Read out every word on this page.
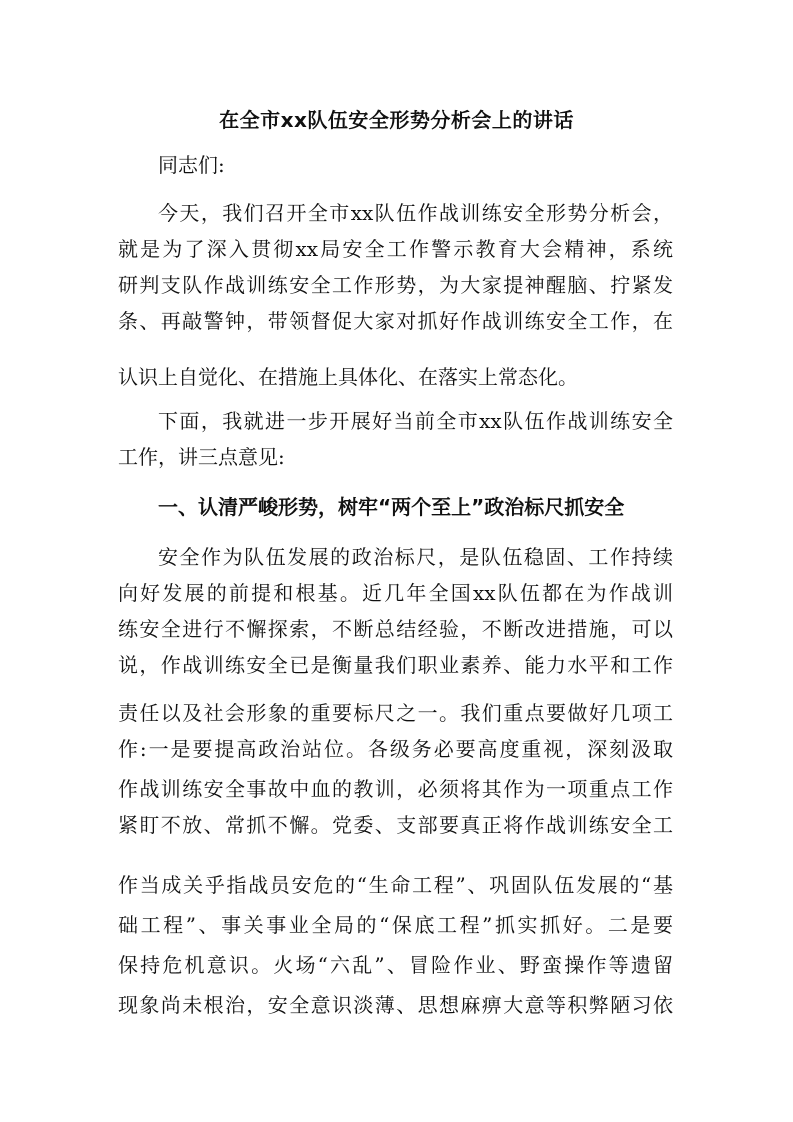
在全市xx队伍安全形势分析会上的讲话
同志们:
今天，我们召开全市xx队伍作战训练安全形势分析会，
就是为了深入贯彻xx局安全工作警示教育大会精神，系统
研判支队作战训练安全工作形势，为大家提神醒脑、拧紧发
条、再敲警钟，带领督促大家对抓好作战训练安全工作，在
认识上自觉化、在措施上具体化、在落实上常态化。
下面，我就进一步开展好当前全市xx队伍作战训练安全
工作，讲三点意见:
一、认清严峻形势，树牢“两个至上”政治标尺抓安全
安全作为队伍发展的政治标尺，是队伍稳固、工作持续
向好发展的前提和根基。近几年全国xx队伍都在为作战训
练安全进行不懈探索，不断总结经验，不断改进措施，可以
说，作战训练安全已是衡量我们职业素养、能力水平和工作
责任以及社会形象的重要标尺之一。我们重点要做好几项工
作:一是要提高政治站位。各级务必要高度重视，深刻汲取
作战训练安全事故中血的教训，必须将其作为一项重点工作
紧盯不放、常抓不懈。党委、支部要真正将作战训练安全工
作当成关乎指战员安危的“生命工程”、巩固队伍发展的“基
础工程”、事关事业全局的“保底工程”抓实抓好。二是要
保持危机意识。火场“六乱”、冒险作业、野蛮操作等遗留
现象尚未根治，安全意识淡薄、思想麻痹大意等积弊陋习依
